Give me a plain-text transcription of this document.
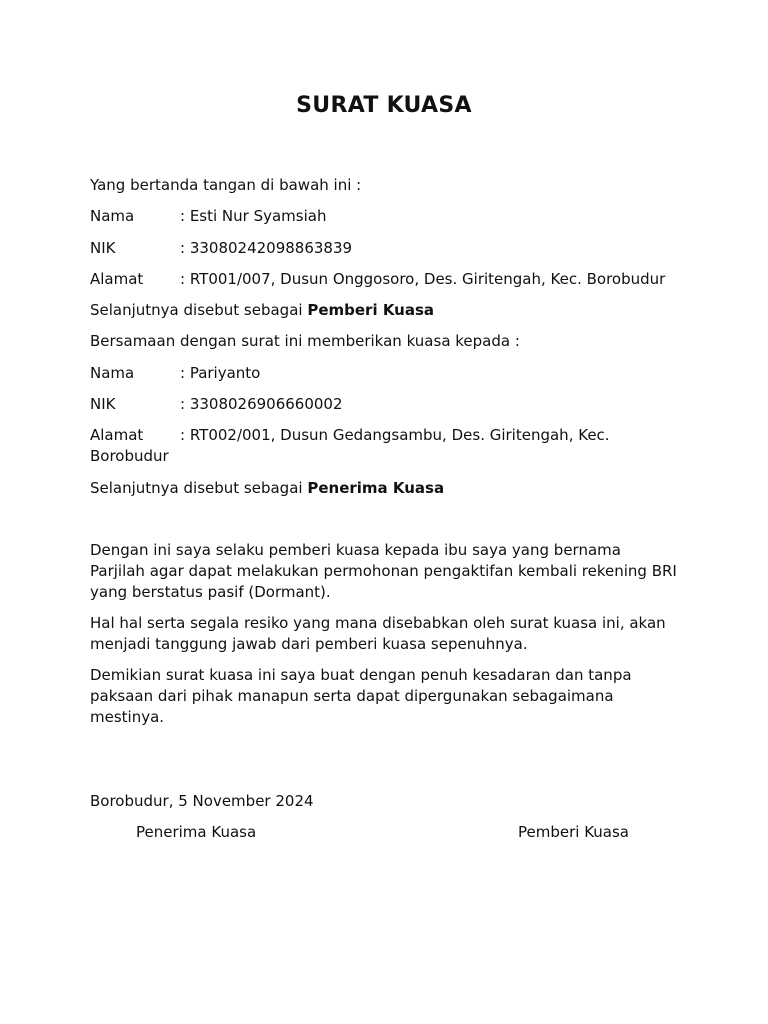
SURAT KUASA
Yang bertanda tangan di bawah ini :
Nama	: Esti Nur Syamsiah
NIK	: 33080242098863839
Alamat : RT001/007, Dusun Onggosoro, Des. Giritengah, Kec. Borobudur
Selanjutnya disebut sebagai Pemberi Kuasa
Bersamaan dengan surat ini memberikan kuasa kepada :
Nama	: Pariyanto
NIK	: 3308026906660002
Alamat : RT002/001, Dusun Gedangsambu, Des. Giritengah, Kec. Borobudur
Selanjutnya disebut sebagai Penerima Kuasa
Dengan ini saya selaku pemberi kuasa kepada ibu saya yang bernama Parjilah agar dapat melakukan permohonan pengaktifan kembali rekening BRI yang berstatus pasif (Dormant).
Hal hal serta segala resiko yang mana disebabkan oleh surat kuasa ini, akan menjadi tanggung jawab dari pemberi kuasa sepenuhnya.
Demikian surat kuasa ini saya buat dengan penuh kesadaran dan tanpa paksaan dari pihak manapun serta dapat dipergunakan sebagaimana mestinya.
Borobudur, 5 November 2024
Penerima Kuasa	Pemberi Kuasa
